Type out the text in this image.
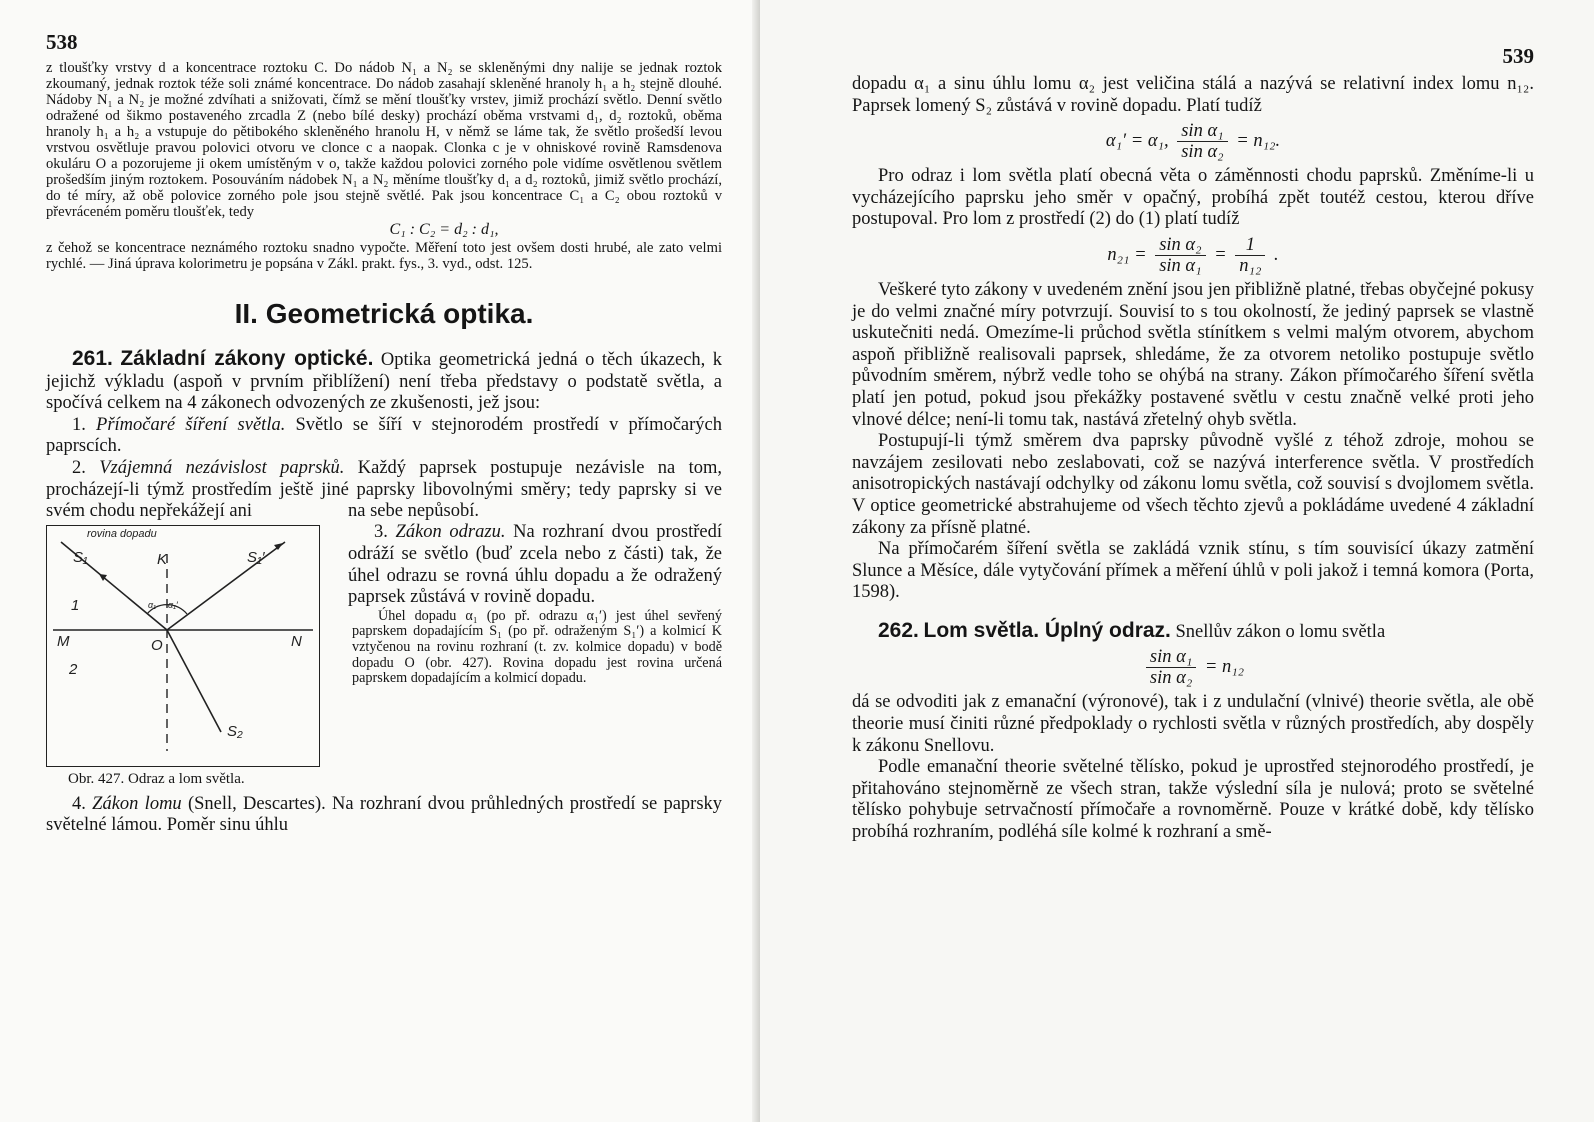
538

z tloušťky vrstvy d a koncentrace roztoku C. Do nádob N₁ a N₂ se skleněnými dny nalije se jednak roztok zkoumaný, jednak roztok téže soli známé koncentrace. Do nádob zasahají skleněné hranoly h₁ a h₂ stejně dlouhé. Nádoby N₁ a N₂ je možné zdvíhati a snižovati, čímž se mění tloušťky vrstev, jimiž prochází světlo. Denní světlo odražené od šikmo postaveného zrcadla Z (nebo bílé desky) prochází oběma vrstvami d₁, d₂ roztoků, oběma hranoly h₁ a h₂ a vstupuje do pětibokého skleněného hranolu H, v němž se láme tak, že světlo prošedší levou vrstvou osvětluje pravou polovici otvoru ve clonce c a naopak. Clonka c je v ohniskové rovině Ramsdenova okuláru O a pozorujeme ji okem umístěným v o, takže každou polovici zorného pole vidíme osvětlenou světlem prošedším jiným roztokem. Posouváním nádobek N₁ a N₂ měníme tloušťky d₁ a d₂ roztoků, jimiž světlo prochází, do té míry, až obě polovice zorného pole jsou stejně světlé. Pak jsou koncentrace C₁ a C₂ obou roztoků v převráceném poměru tloušťek, tedy

C₁ : C₂ = d₂ : d₁,

z čehož se koncentrace neznámého roztoku snadno vypočte. Měření toto jest ovšem dosti hrubé, ale zato velmi rychlé. — Jiná úprava kolorimetru je popsána v Zákl. prakt. fys., 3. vyd., odst. 125.

II. Geometrická optika.

261. Základní zákony optické. Optika geometrická jedná o těch úkazech, k jejichž výkladu (aspoň v prvním přiblížení) není třeba představy o podstatě světla, a spočívá celkem na 4 zákonech odvozených ze zkušenosti, jež jsou:

1. Přímočaré šíření světla. Světlo se šíří v stejnorodém prostředí v přímočarých paprscích.

2. Vzájemná nezávislost paprsků. Každý paprsek postupuje nezávisle na tom, procházejí-li týmž prostředím ještě jiné paprsky libovolnými směry; tedy paprsky si ve svém chodu nepřekážejí ani

rovina dopadu
S₁	S₁′
K
M	N
O
S₂
1
2
α₁ α₁′
Obr. 427. Odraz a lom světla.

na sebe nepůsobí.

3. Zákon odrazu. Na rozhraní dvou prostředí odráží se světlo (buď zcela nebo z části) tak, že úhel odrazu se rovná úhlu dopadu a že odražený paprsek zůstává v rovině dopadu.

Úhel dopadu α₁ (po př. odrazu α₁′) jest úhel sevřený paprskem dopadajícím S₁ (po př. odraženým S₁′) a kolmicí K vztyčenou na rovinu rozhraní (t. zv. kolmice dopadu) v bodě dopadu O (obr. 427). Rovina dopadu jest rovina určená paprskem dopadajícím a kolmicí dopadu.

4. Zákon lomu (Snell, Descartes). Na rozhraní dvou průhledných prostředí se paprsky světelné lámou. Poměr sinu úhlu

539

dopadu α₁ a sinu úhlu lomu α₂ jest veličina stálá a nazývá se relativní index lomu n₁₂. Paprsek lomený S₂ zůstává v rovině dopadu. Platí tudíž

α₁′ = α₁, $\frac{\text{sin α₁}}{\text{sin α₂}} = n_{12}$.

Pro odraz i lom světla platí obecná věta o záměnnosti chodu paprsků. Změníme-li u vycházejícího paprsku jeho směr v opačný, probíhá zpět toutéž cestou, kterou dříve postupoval. Pro lom z prostředí (2) do (1) platí tudíž

$n_{21} = \frac{\text{sin α₂}}{\text{sin α₁}} = \frac{1}{\text{n₁₂}}$ .

Veškeré tyto zákony v uvedeném znění jsou jen přibližně platné, třebas obyčejné pokusy je do velmi značné míry potvrzují. Souvisí to s tou okolností, že jediný paprsek se vlastně uskutečniti nedá. Omezíme-li průchod světla stínítkem s velmi malým otvorem, abychom aspoň přibližně realisovali paprsek, shledáme, že za otvorem netoliko postupuje světlo původním směrem, nýbrž vedle toho se ohýbá na strany. Zákon přímočarého šíření světla platí jen potud, pokud jsou překážky postavené světlu v cestu značně velké proti jeho vlnové délce; není-li tomu tak, nastává zřetelný ohyb světla.

Postupují-li týmž směrem dva paprsky původně vyšlé z téhož zdroje, mohou se navzájem zesilovati nebo zeslabovati, což se nazývá interference světla. V prostředích anisotropických nastávají odchylky od zákonu lomu světla, což souvisí s dvojlomem světla. V optice geometrické abstrahujeme od všech těchto zjevů a pokládáme uvedené 4 základní zákony za přísně platné.

Na přímočarém šíření světla se zakládá vznik stínu, s tím souvisící úkazy zatmění Slunce a Měsíce, dále vytyčování přímek a měření úhlů v poli jakož i temná komora (Porta, 1598).

262. Lom světla. Úplný odraz. Snellův zákon o lomu světla

$\frac{\text{sin α₁}}{\text{sin α₂}} = n_{12}$

dá se odvoditi jak z emanační (výronové), tak i z undulační (vlnivé) theorie světla, ale obě theorie musí činiti různé předpoklady o rychlosti světla v různých prostředích, aby dospěly k zákonu Snellovu.

Podle emanační theorie světelné tělísko, pokud je uprostřed stejnorodého prostředí, je přitahováno stejnoměrně ze všech stran, takže výslední síla je nulová; proto se světelné tělísko pohybuje setrvačností přímočaře a rovnoměrně. Pouze v krátké době, kdy tělísko probíhá rozhraním, podléhá síle kolmé k rozhraní a smě-
